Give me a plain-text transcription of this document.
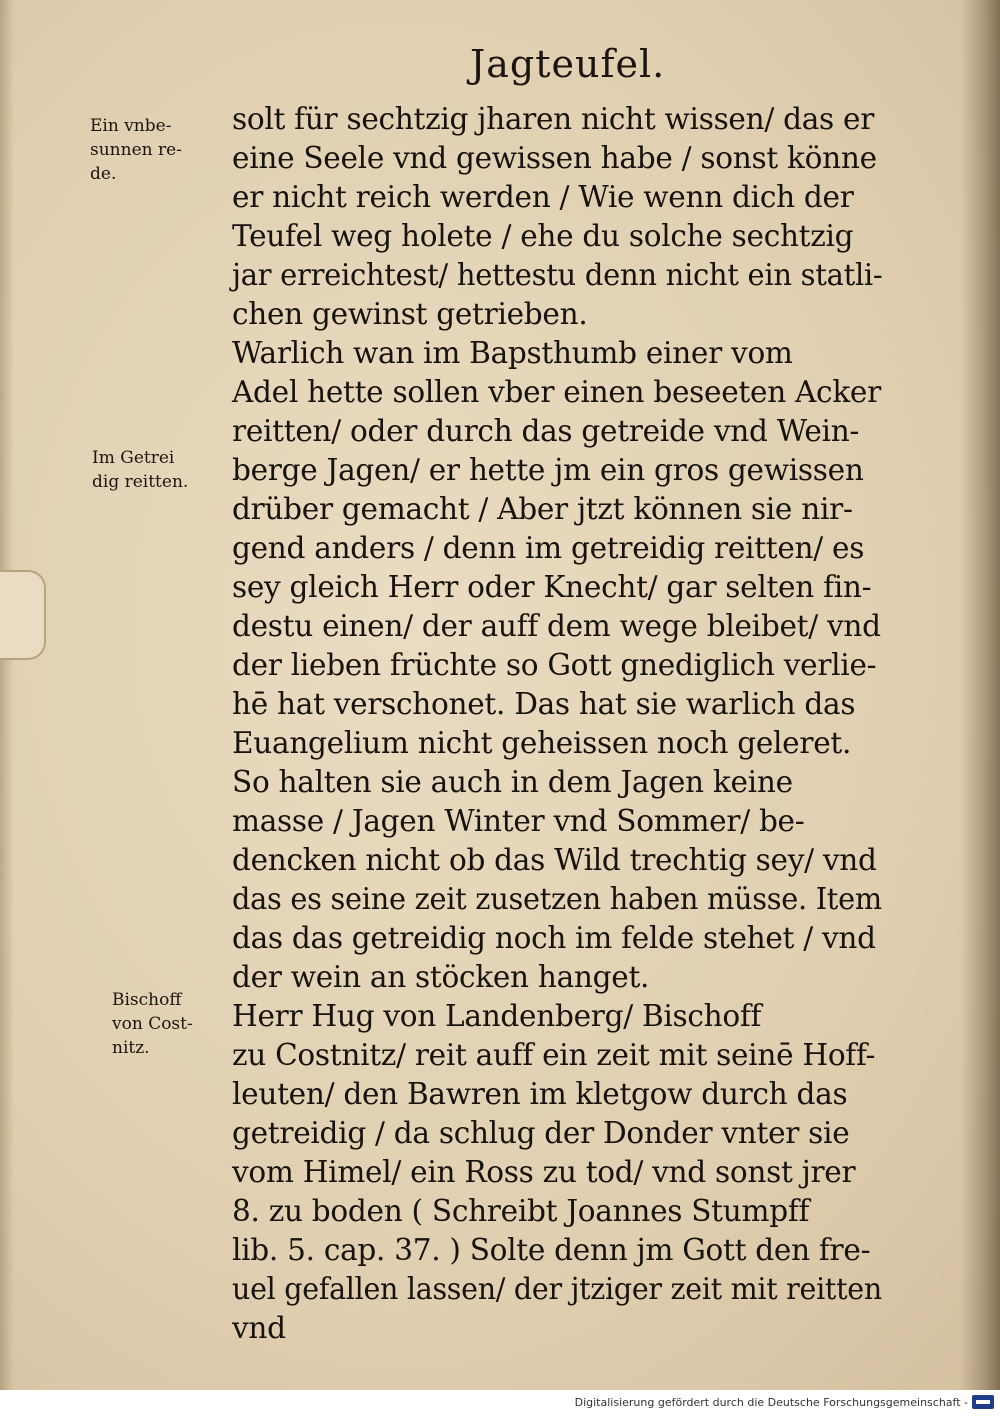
Jagteufel.
Ein vnbe-
sunnen re-
de.
Im Getrei
dig reitten.
Bischoff
von Cost-
nitz.
solt für sechtzig jharen nicht wissen/ das er
eine Seele vnd gewissen habe / sonst könne
er nicht reich werden / Wie wenn dich der
Teufel weg holete / ehe du solche sechtzig
jar erreichtest/ hettestu denn nicht ein statli-
chen gewinst getrieben.
Warlich wan im Bapsthumb einer vom
Adel hette sollen vber einen beseeten Acker
reitten/ oder durch das getreide vnd Wein-
berge Jagen/ er hette jm ein gros gewissen
drüber gemacht / Aber jtzt können sie nir-
gend anders / denn im getreidig reitten/ es
sey gleich Herr oder Knecht/ gar selten fin-
destu einen/ der auff dem wege bleibet/ vnd
der lieben früchte so Gott gnediglich verlie-
hē hat verschonet. Das hat sie warlich das
Euangelium nicht geheissen noch geleret.
So halten sie auch in dem Jagen keine
masse / Jagen Winter vnd Sommer/ be-
dencken nicht ob das Wild trechtig sey/ vnd
das es seine zeit zusetzen haben müsse. Item
das das getreidig noch im felde stehet / vnd
der wein an stöcken hanget.
Herr Hug von Landenberg/ Bischoff
zu Costnitz/ reit auff ein zeit mit seinē Hoff-
leuten/ den Bawren im kletgow durch das
getreidig / da schlug der Donder vnter sie
vom Himel/ ein Ross zu tod/ vnd sonst jrer
8. zu boden ( Schreibt Joannes Stumpff
lib. 5. cap. 37. ) Solte denn jm Gott den fre-
uel gefallen lassen/ der jtziger zeit mit reitten
vnd
Digitalisierung gefördert durch die Deutsche Forschungsgemeinschaft -
